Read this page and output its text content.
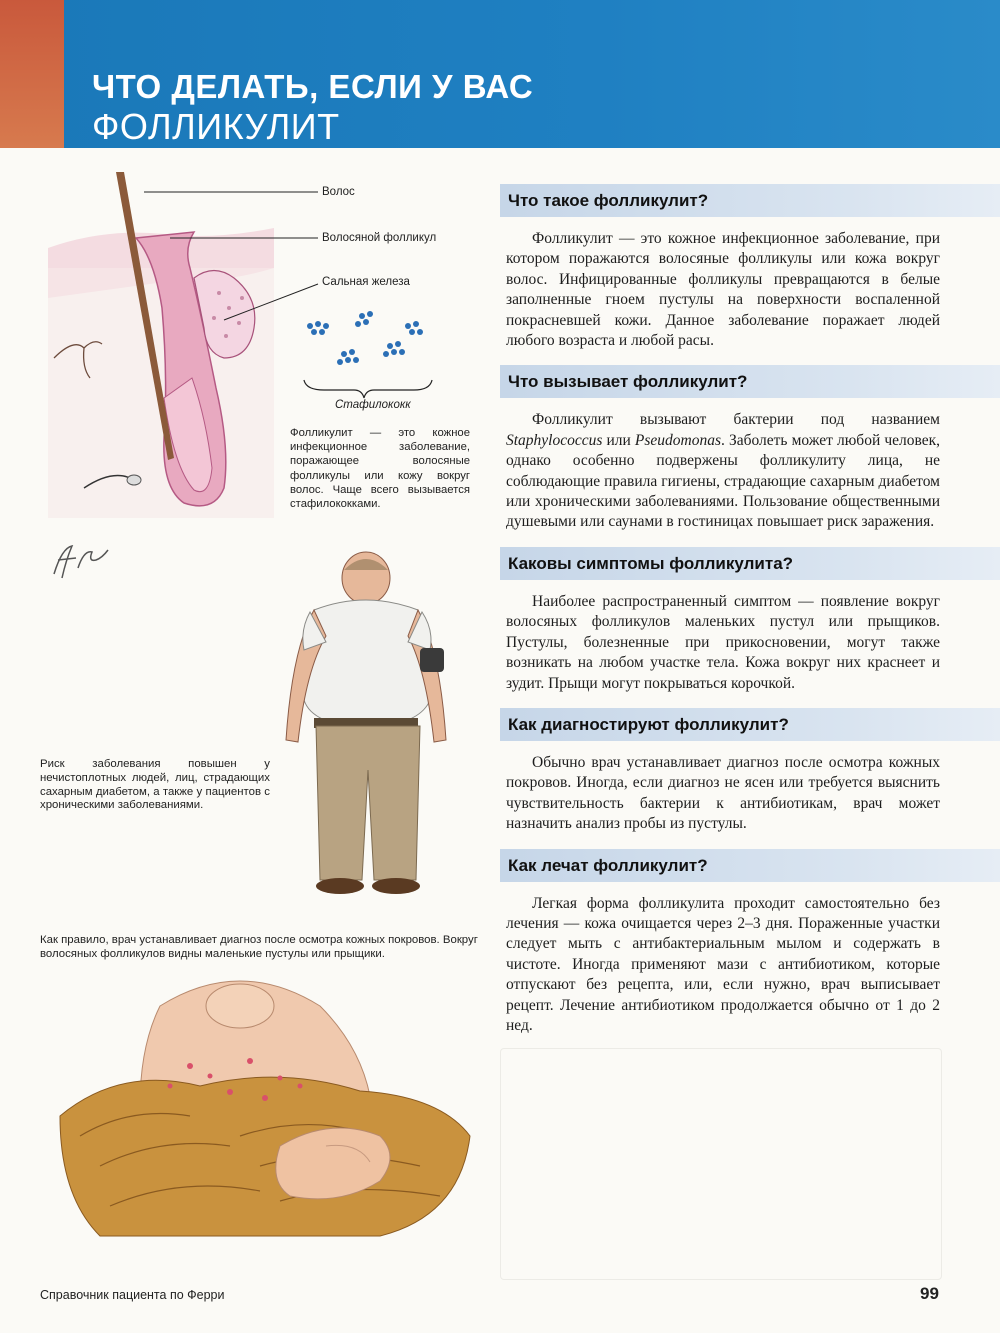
ЧТО ДЕЛАТЬ, ЕСЛИ У ВАС
ФОЛЛИКУЛИТ
Волос
Волосяной фолликул
Сальная железа
Стафилококк
Фолликулит — это кожное инфекционное заболевание, поражающее волосяные фолликулы или кожу вокруг волос. Чаще всего вызывается стафилококками.
Риск заболевания повышен у нечистоплотных людей, лиц, страдающих сахарным диабетом, а также у пациентов с хроническими заболеваниями.
Как правило, врач устанавливает диагноз после осмотра кожных покровов. Вокруг волосяных фолликулов видны маленькие пустулы или прыщики.
Что такое фолликулит?
Фолликулит — это кожное инфекционное заболевание, при котором поражаются волосяные фолликулы или кожа вокруг волос. Инфицированные фолликулы превращаются в белые заполненные гноем пустулы на поверхности воспаленной покрасневшей кожи. Данное заболевание поражает людей любого возраста и любой расы.
Что вызывает фолликулит?
Фолликулит вызывают бактерии под названием Staphylococcus или Pseudomonas. Заболеть может любой человек, однако особенно подвержены фолликулиту лица, не соблюдающие правила гигиены, страдающие сахарным диабетом или хроническими заболеваниями. Пользование общественными душевыми или саунами в гостиницах повышает риск заражения.
Каковы симптомы фолликулита?
Наиболее распространенный симптом — появление вокруг волосяных фолликулов маленьких пустул или прыщиков. Пустулы, болезненные при прикосновении, могут также возникать на любом участке тела. Кожа вокруг них краснеет и зудит. Прыщи могут покрываться корочкой.
Как диагностируют фолликулит?
Обычно врач устанавливает диагноз после осмотра кожных покровов. Иногда, если диагноз не ясен или требуется выяснить чувствительность бактерии к антибиотикам, врач может назначить анализ пробы из пустулы.
Как лечат фолликулит?
Легкая форма фолликулита проходит самостоятельно без лечения — кожа очищается через 2–3 дня. Пораженные участки следует мыть с антибактериальным мылом и содержать в чистоте. Иногда применяют мази с антибиотиком, которые отпускают без рецепта, или, если нужно, врач выписывает рецепт. Лечение антибиотиком продолжается обычно от 1 до 2 нед.
Справочник пациента по Ферри	99
